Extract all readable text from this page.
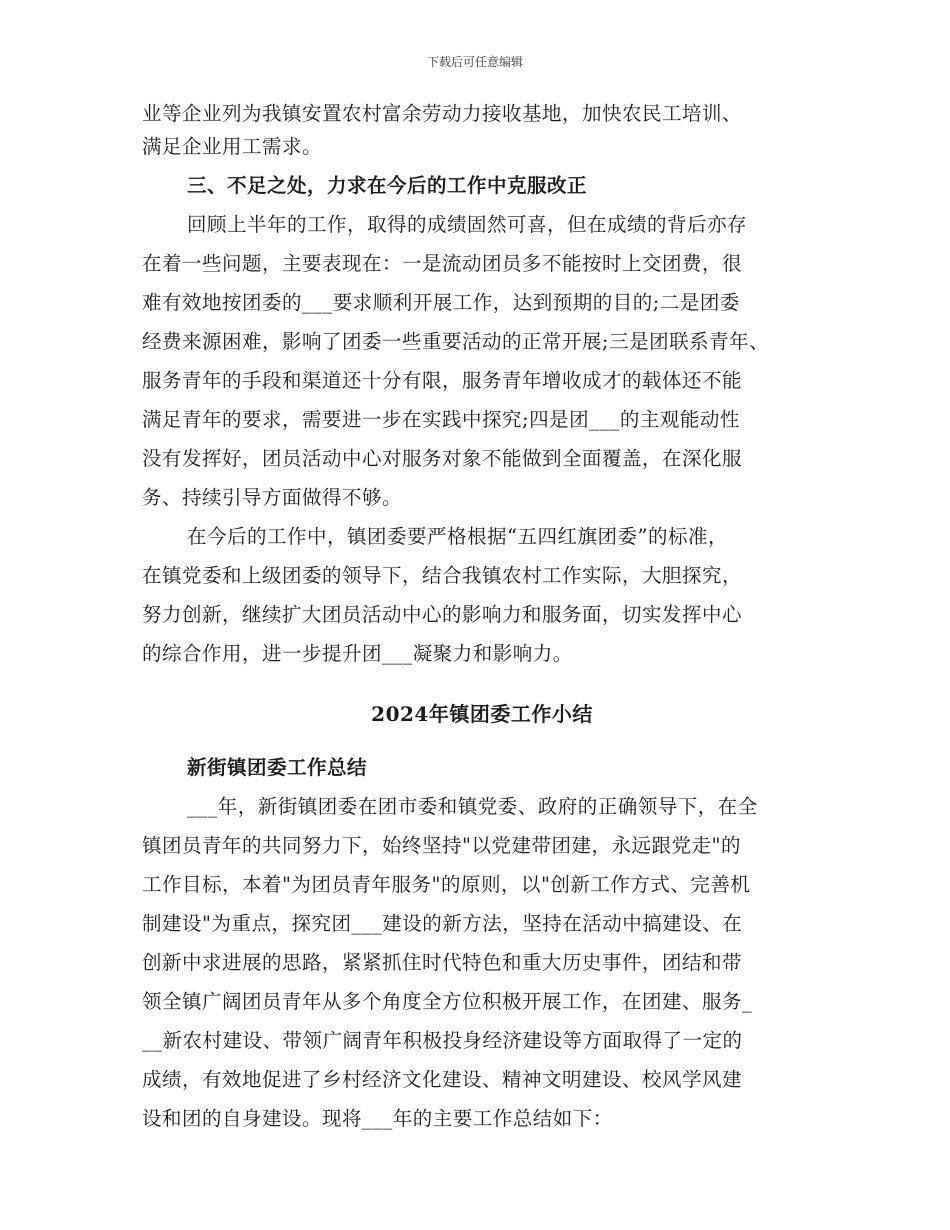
下载后可任意编辑
业等企业列为我镇安置农村富余劳动力接收基地，加快农民工培训、
满足企业用工需求。
三、不足之处，力求在今后的工作中克服改正
回顾上半年的工作，取得的成绩固然可喜，但在成绩的背后亦存
在着一些问题，主要表现在：一是流动团员多不能按时上交团费，很
难有效地按团委的___要求顺利开展工作，达到预期的目的;二是团委
经费来源困难，影响了团委一些重要活动的正常开展;三是团联系青年、
服务青年的手段和渠道还十分有限，服务青年增收成才的载体还不能
满足青年的要求，需要进一步在实践中探究;四是团___的主观能动性
没有发挥好，团员活动中心对服务对象不能做到全面覆盖，在深化服
务、持续引导方面做得不够。
在今后的工作中，镇团委要严格根据“五四红旗团委”的标准，
在镇党委和上级团委的领导下，结合我镇农村工作实际，大胆探究，
努力创新，继续扩大团员活动中心的影响力和服务面，切实发挥中心
的综合作用，进一步提升团___凝聚力和影响力。
2024年镇团委工作小结
新街镇团委工作总结
___年，新街镇团委在团市委和镇党委、政府的正确领导下，在全
镇团员青年的共同努力下，始终坚持"以党建带团建，永远跟党走"的
工作目标，本着"为团员青年服务"的原则，以"创新工作方式、完善机
制建设"为重点，探究团___建设的新方法，坚持在活动中搞建设、在
创新中求进展的思路，紧紧抓住时代特色和重大历史事件，团结和带
领全镇广阔团员青年从多个角度全方位积极开展工作，在团建、服务_
__新农村建设、带领广阔青年积极投身经济建设等方面取得了一定的
成绩，有效地促进了乡村经济文化建设、精神文明建设、校风学风建
设和团的自身建设。现将___年的主要工作总结如下：
